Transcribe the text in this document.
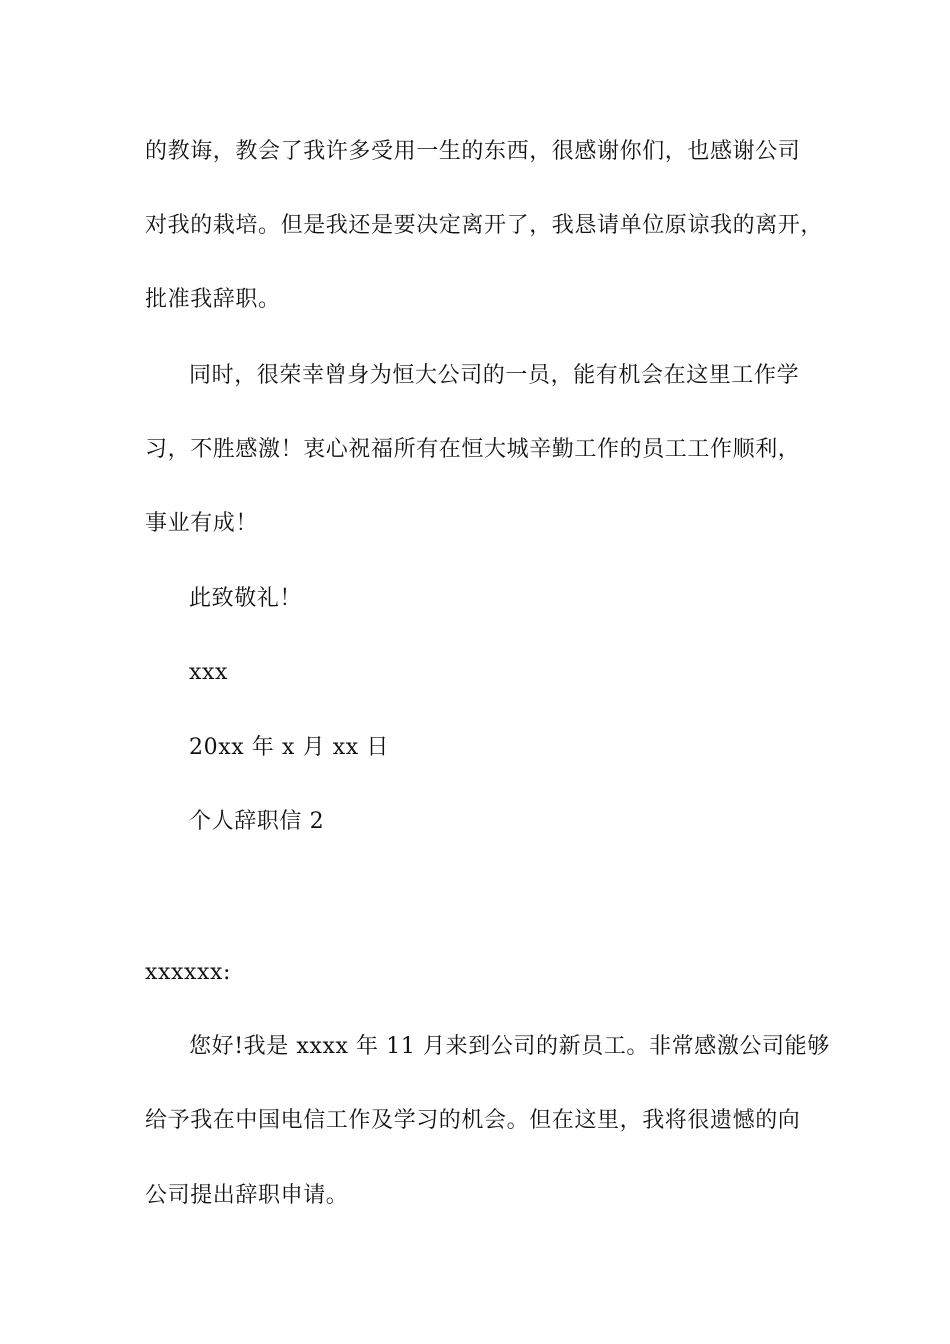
的教诲，教会了我许多受用一生的东西，很感谢你们，也感谢公司
对我的栽培。但是我还是要决定离开了，我恳请单位原谅我的离开，
批准我辞职。
同时，很荣幸曾身为恒大公司的一员，能有机会在这里工作学
习，不胜感激！衷心祝福所有在恒大城辛勤工作的员工工作顺利，
事业有成！
此致敬礼！
xxx
20xx 年 x 月 xx 日
个人辞职信 2
xxxxxx:
您好!我是 xxxx 年 11 月来到公司的新员工。非常感激公司能够
给予我在中国电信工作及学习的机会。但在这里，我将很遗憾的向
公司提出辞职申请。
